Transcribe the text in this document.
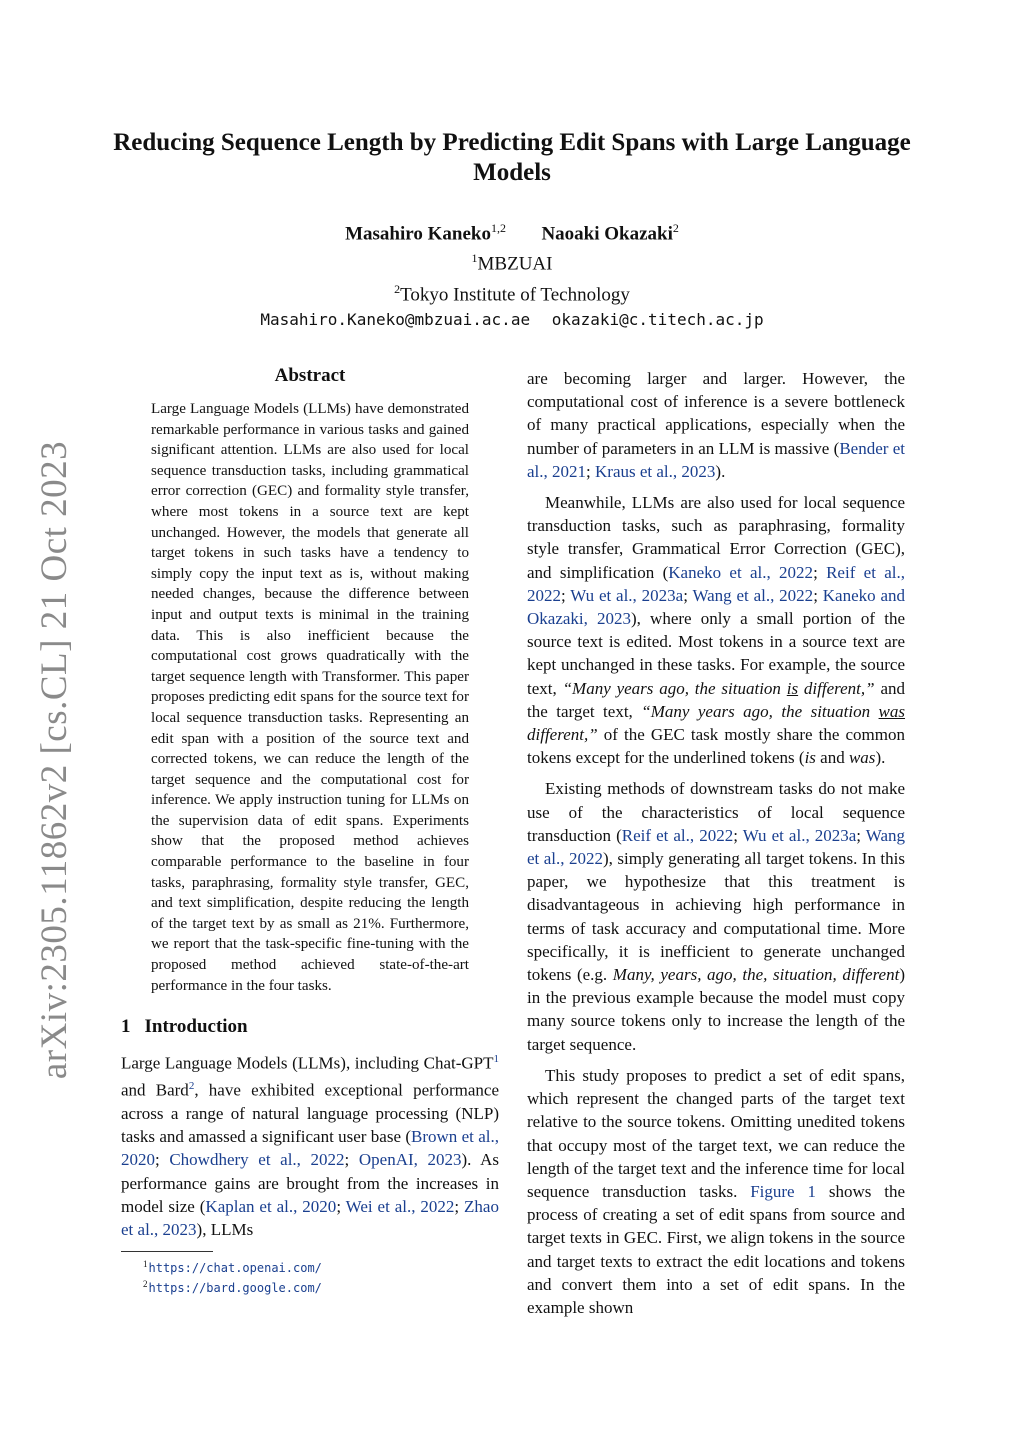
arXiv:2305.11862v2 [cs.CL] 21 Oct 2023
Reducing Sequence Length by Predicting Edit Spans with Large Language Models
Masahiro Kaneko$^{1,2}$ Naoaki Okazaki$^2$
$^1$MBZUAI
$^2$Tokyo Institute of Technology
Masahiro.Kaneko@mbzuai.ac.ae okazaki@c.titech.ac.jp
Abstract
Large Language Models (LLMs) have demonstrated remarkable performance in various tasks and gained significant attention. LLMs are also used for local sequence transduction tasks, including grammatical error correction (GEC) and formality style transfer, where most tokens in a source text are kept unchanged. However, the models that generate all target tokens in such tasks have a tendency to simply copy the input text as is, without making needed changes, because the difference between input and output texts is minimal in the training data. This is also inefficient because the computational cost grows quadratically with the target sequence length with Transformer. This paper proposes predicting edit spans for the source text for local sequence transduction tasks. Representing an edit span with a position of the source text and corrected tokens, we can reduce the length of the target sequence and the computational cost for inference. We apply instruction tuning for LLMs on the supervision data of edit spans. Experiments show that the proposed method achieves comparable performance to the baseline in four tasks, paraphrasing, formality style transfer, GEC, and text simplification, despite reducing the length of the target text by as small as 21%. Furthermore, we report that the task-specific fine-tuning with the proposed method achieved state-of-the-art performance in the four tasks.
1 Introduction

Large Language Models (LLMs), including Chat-GPT$^1$ and Bard$^2$, have exhibited exceptional performance across a range of natural language processing (NLP) tasks and amassed a significant user base (Brown et al., 2020; Chowdhery et al., 2022; OpenAI, 2023). As performance gains are brought from the increases in model size (Kaplan et al., 2020; Wei et al., 2022; Zhao et al., 2023), LLMs

$^1$https://chat.openai.com/
$^2$https://bard.google.com/

are becoming larger and larger. However, the computational cost of inference is a severe bottleneck of many practical applications, especially when the number of parameters in an LLM is massive (Bender et al., 2021; Kraus et al., 2023).

Meanwhile, LLMs are also used for local sequence transduction tasks, such as paraphrasing, formality style transfer, Grammatical Error Correction (GEC), and simplification (Kaneko et al., 2022; Reif et al., 2022; Wu et al., 2023a; Wang et al., 2022; Kaneko and Okazaki, 2023), where only a small portion of the source text is edited. Most tokens in a source text are kept unchanged in these tasks. For example, the source text, “Many years ago, the situation is different,” and the target text, “Many years ago, the situation was different,” of the GEC task mostly share the common tokens except for the underlined tokens (is and was).

Existing methods of downstream tasks do not make use of the characteristics of local sequence transduction (Reif et al., 2022; Wu et al., 2023a; Wang et al., 2022), simply generating all target tokens. In this paper, we hypothesize that this treatment is disadvantageous in achieving high performance in terms of task accuracy and computational time. More specifically, it is inefficient to generate unchanged tokens (e.g. Many, years, ago, the, situation, different) in the previous example because the model must copy many source tokens only to increase the length of the target sequence.

This study proposes to predict a set of edit spans, which represent the changed parts of the target text relative to the source tokens. Omitting unedited tokens that occupy most of the target text, we can reduce the length of the target text and the inference time for local sequence transduction tasks. Figure 1 shows the process of creating a set of edit spans from source and target texts in GEC. First, we align tokens in the source and target texts to extract the edit locations and tokens and convert them into a set of edit spans. In the example shown
